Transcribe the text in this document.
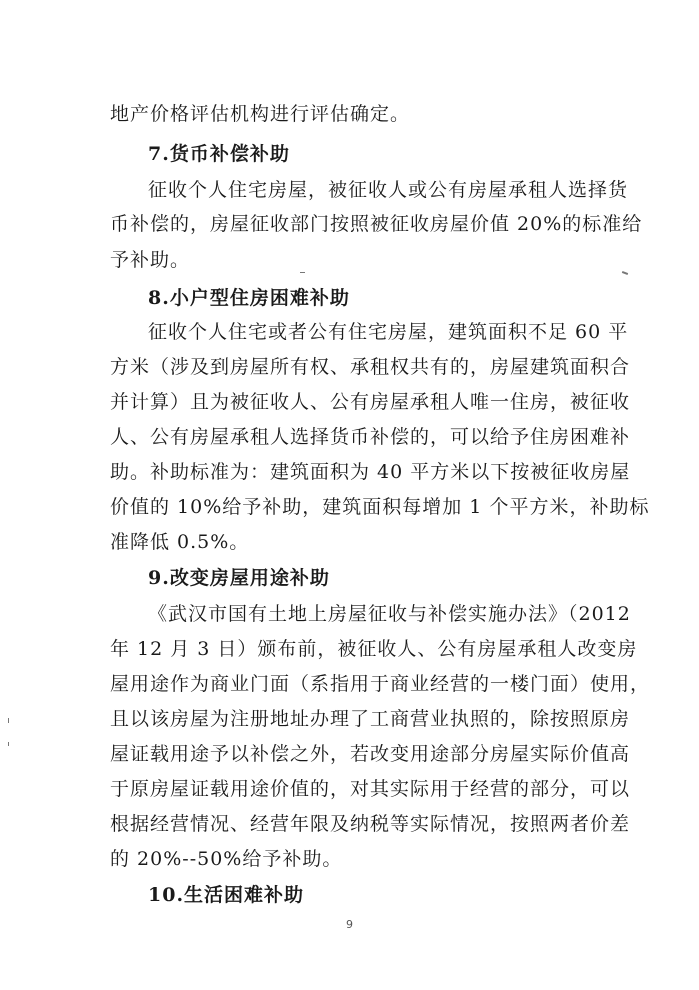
地产价格评估机构进行评估确定。
7.货币补偿补助
征收个人住宅房屋，被征收人或公有房屋承租人选择货
币补偿的，房屋征收部门按照被征收房屋价值 20%的标准给
予补助。
8.小户型住房困难补助
征收个人住宅或者公有住宅房屋，建筑面积不足 60 平
方米（涉及到房屋所有权、承租权共有的，房屋建筑面积合
并计算）且为被征收人、公有房屋承租人唯一住房，被征收
人、公有房屋承租人选择货币补偿的，可以给予住房困难补
助。补助标准为：建筑面积为 40 平方米以下按被征收房屋
价值的 10%给予补助，建筑面积每增加 1 个平方米，补助标
准降低 0.5%。
9.改变房屋用途补助
《武汉市国有土地上房屋征收与补偿实施办法》（2012
年 12 月 3 日）颁布前，被征收人、公有房屋承租人改变房
屋用途作为商业门面（系指用于商业经营的一楼门面）使用，
且以该房屋为注册地址办理了工商营业执照的，除按照原房
屋证载用途予以补偿之外，若改变用途部分房屋实际价值高
于原房屋证载用途价值的，对其实际用于经营的部分，可以
根据经营情况、经营年限及纳税等实际情况，按照两者价差
的 20%--50%给予补助。
10.生活困难补助
9
